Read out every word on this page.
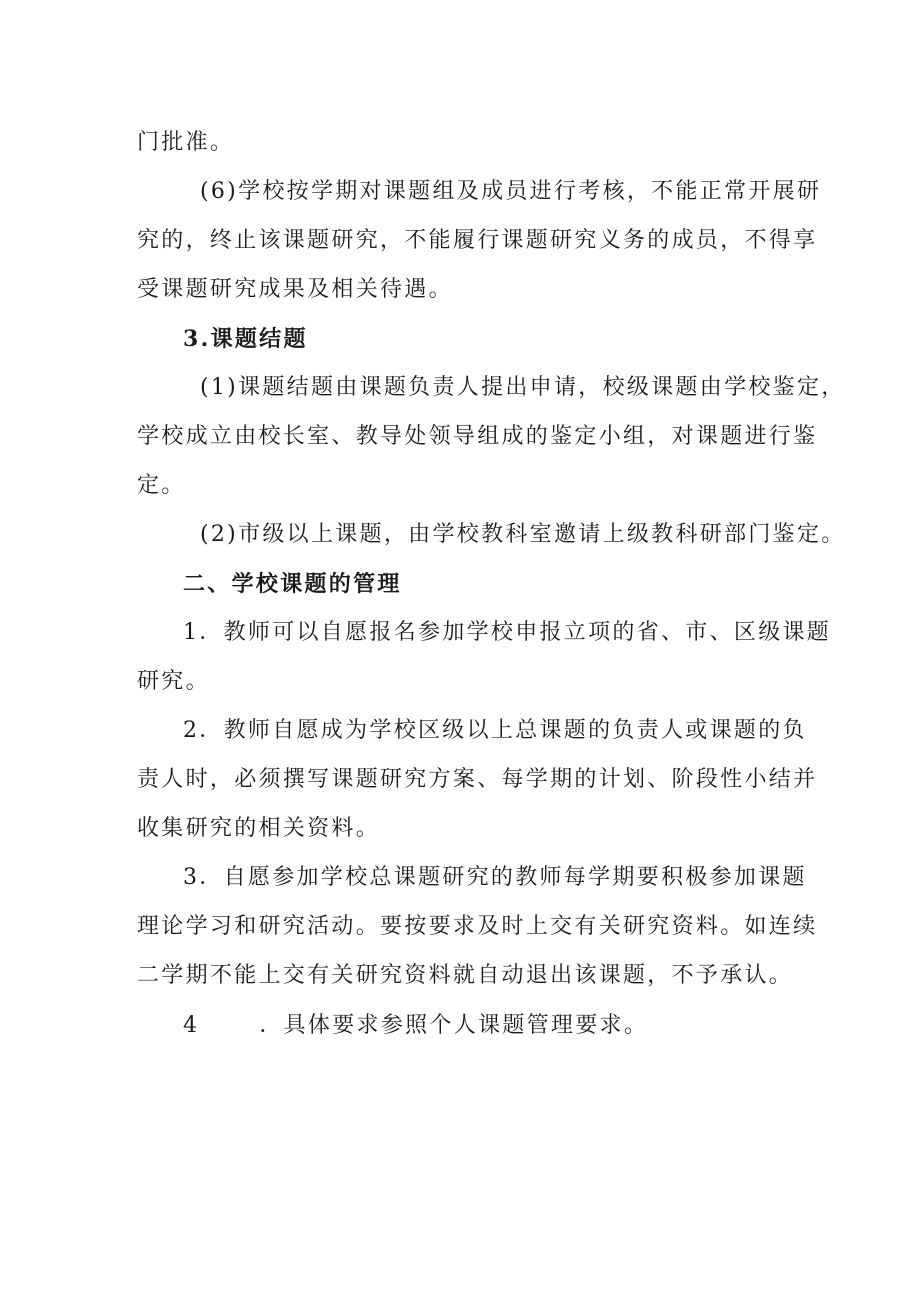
门批准。
(6)学校按学期对课题组及成员进行考核，不能正常开展研
究的，终止该课题研究，不能履行课题研究义务的成员，不得享
受课题研究成果及相关待遇。
3.课题结题
(1)课题结题由课题负责人提出申请，校级课题由学校鉴定，
学校成立由校长室、教导处领导组成的鉴定小组，对课题进行鉴
定。
(2)市级以上课题，由学校教科室邀请上级教科研部门鉴定。
二、学校课题的管理
1．教师可以自愿报名参加学校申报立项的省、市、区级课题
研究。
2．教师自愿成为学校区级以上总课题的负责人或课题的负
责人时，必须撰写课题研究方案、每学期的计划、阶段性小结并
收集研究的相关资料。
3．自愿参加学校总课题研究的教师每学期要积极参加课题
理论学习和研究活动。要按要求及时上交有关研究资料。如连续
二学期不能上交有关研究资料就自动退出该课题，不予承认。
4	．具体要求参照个人课题管理要求。
